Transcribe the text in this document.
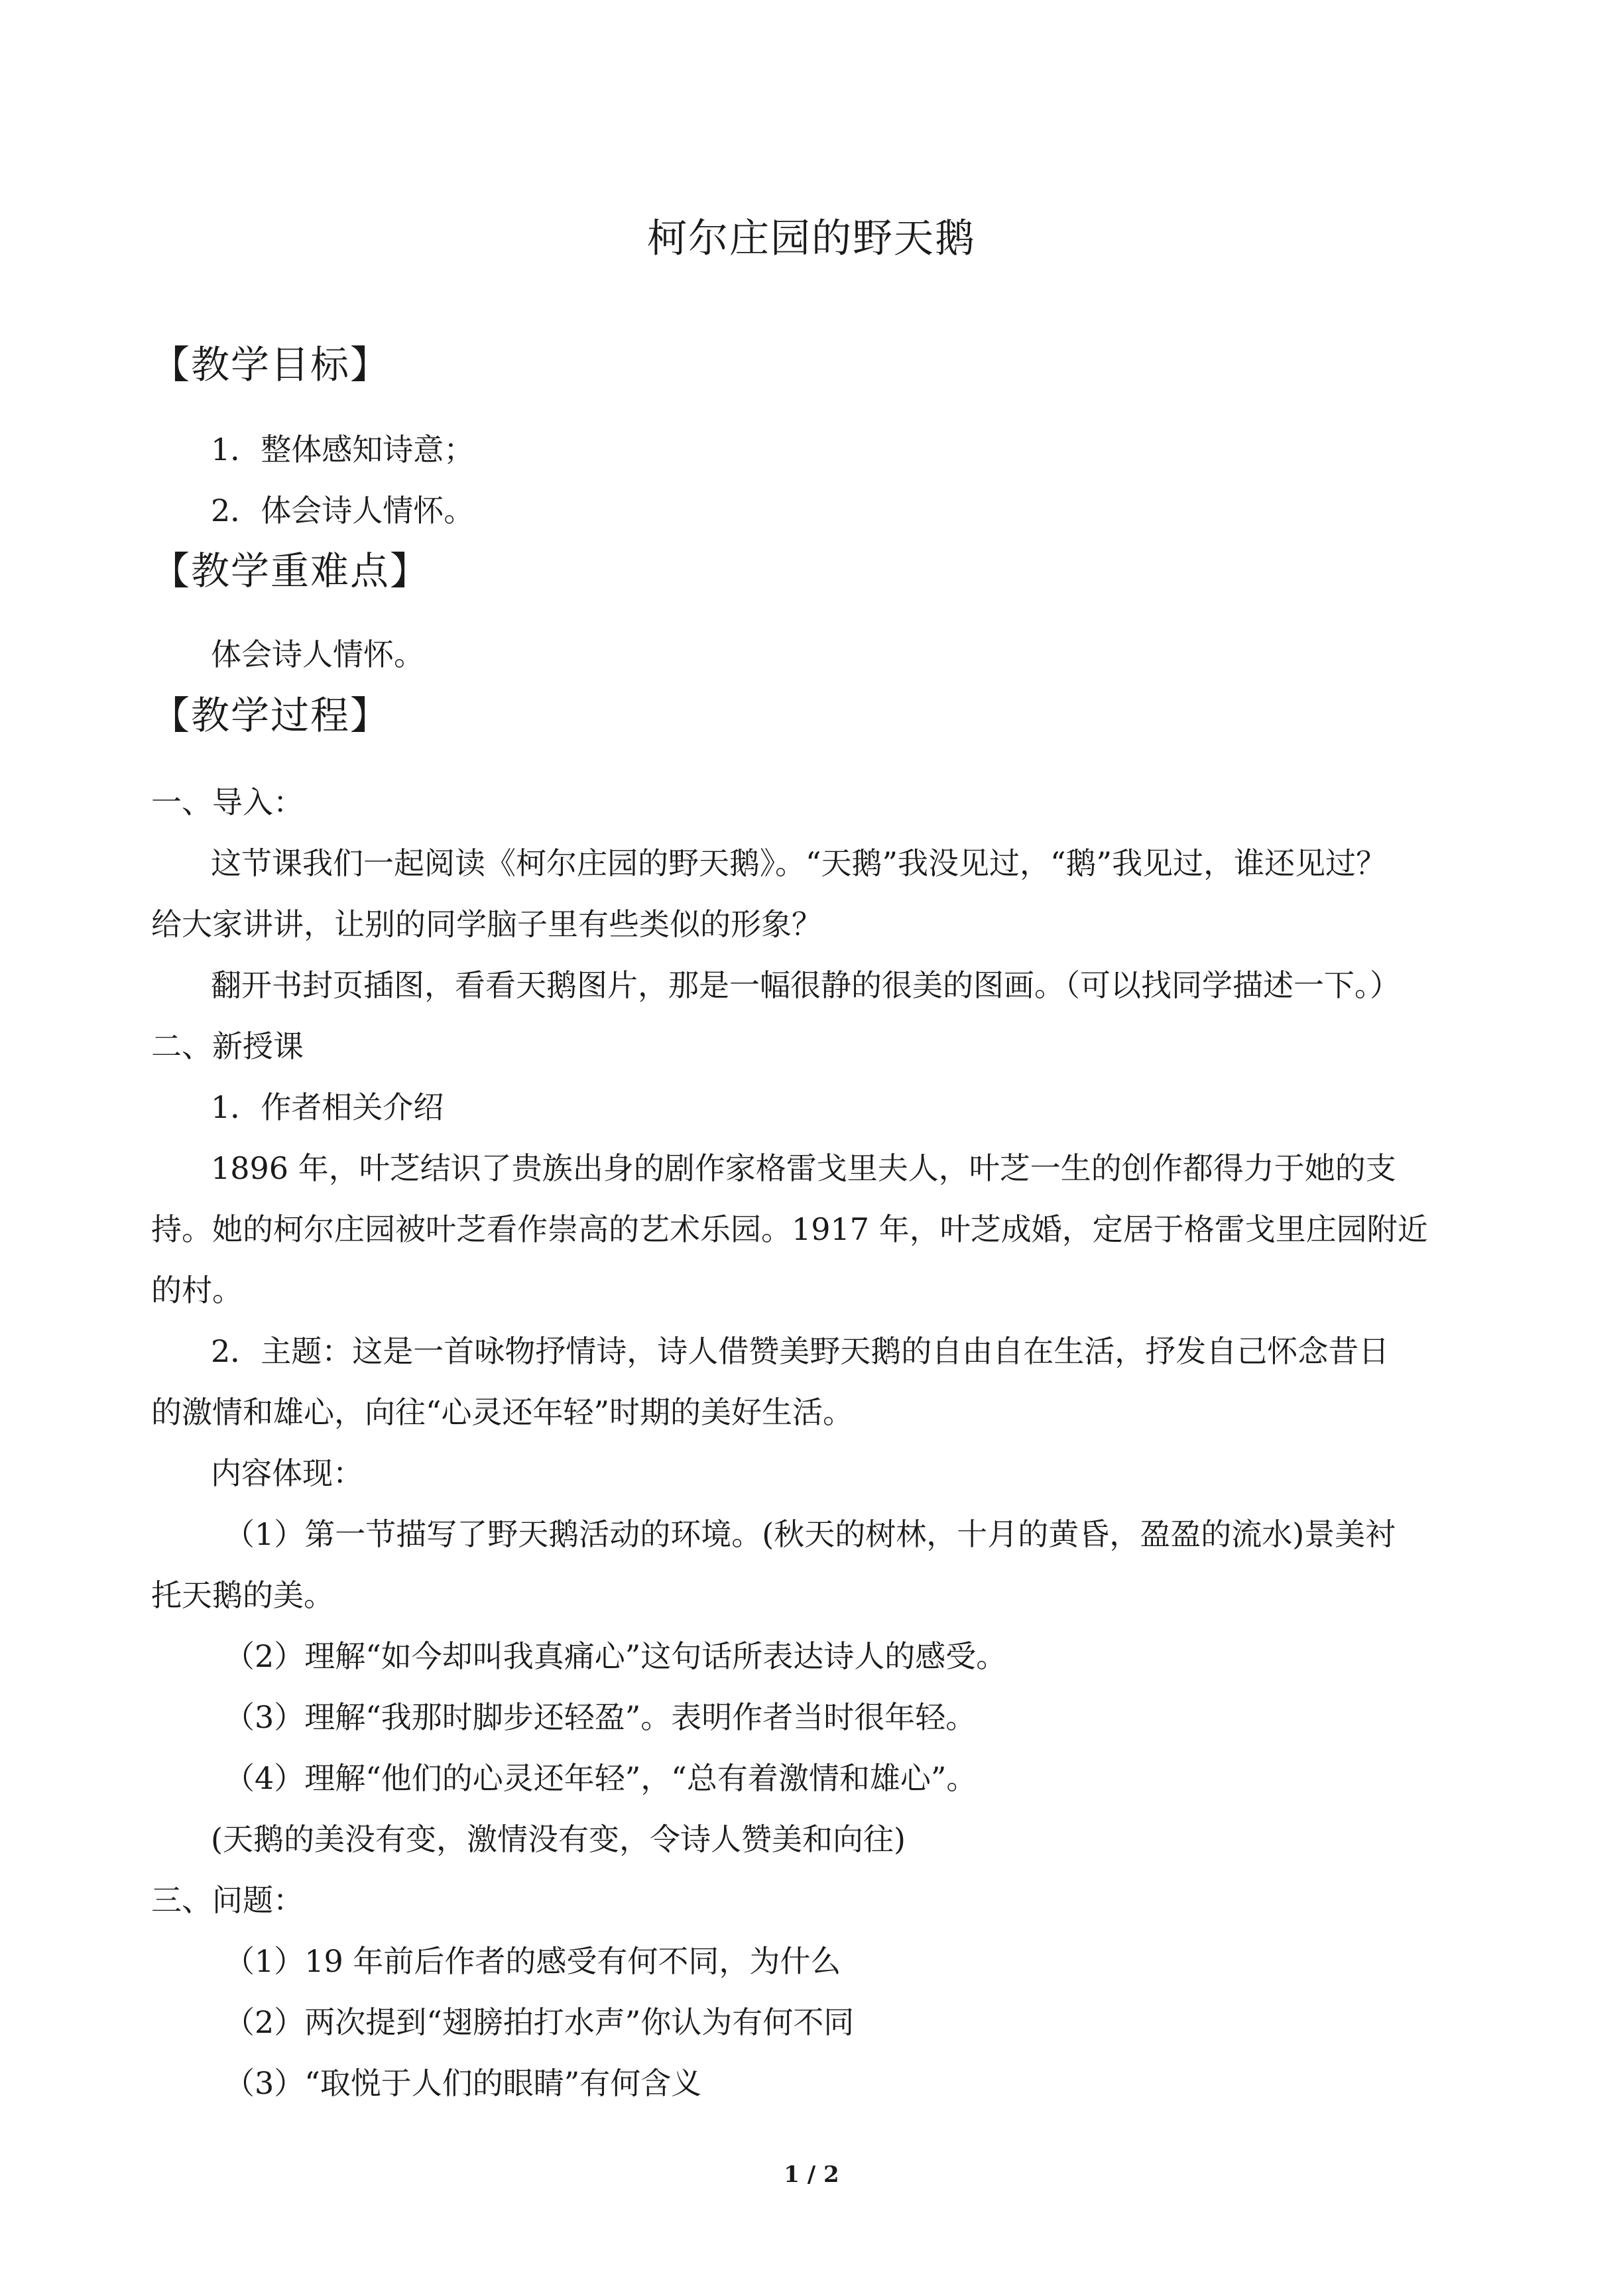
柯尔庄园的野天鹅
【教学目标】
1．整体感知诗意；
2．体会诗人情怀。
【教学重难点】
体会诗人情怀。
【教学过程】
一、导入：
这节课我们一起阅读《柯尔庄园的野天鹅》。“天鹅”我没见过，“鹅”我见过，谁还见过？
给大家讲讲，让别的同学脑子里有些类似的形象？
翻开书封页插图，看看天鹅图片，那是一幅很静的很美的图画。（可以找同学描述一下。）
二、新授课
1．作者相关介绍
1896 年，叶芝结识了贵族出身的剧作家格雷戈里夫人，叶芝一生的创作都得力于她的支
持。她的柯尔庄园被叶芝看作崇高的艺术乐园。1917 年，叶芝成婚，定居于格雷戈里庄园附近
的村。
2．主题：这是一首咏物抒情诗，诗人借赞美野天鹅的自由自在生活，抒发自己怀念昔日
的激情和雄心，向往“心灵还年轻”时期的美好生活。
内容体现：
（1）第一节描写了野天鹅活动的环境。(秋天的树林，十月的黄昏，盈盈的流水)景美衬
托天鹅的美。
（2）理解“如今却叫我真痛心”这句话所表达诗人的感受。
（3）理解“我那时脚步还轻盈”。表明作者当时很年轻。
（4）理解“他们的心灵还年轻”，“总有着激情和雄心”。
(天鹅的美没有变，激情没有变，令诗人赞美和向往)
三、问题：
（1）19 年前后作者的感受有何不同，为什么
（2）两次提到“翅膀拍打水声”你认为有何不同
（3）“取悦于人们的眼睛”有何含义
1 / 2
